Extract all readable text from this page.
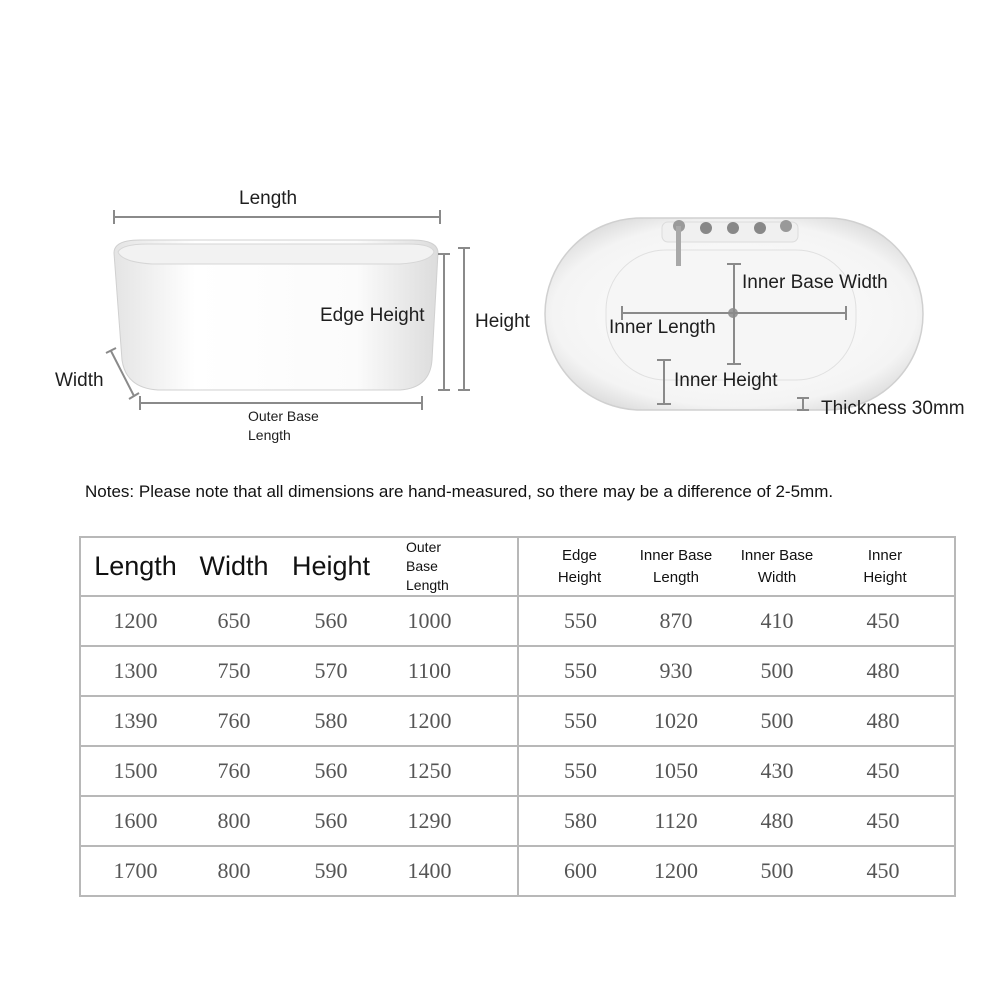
Length
Edge Height	Height
Width
Outer Base Length
Inner Base Width
Inner Length
Inner Height
Thickness 30mm
Notes: Please note that all dimensions are hand-measured, so there may be a difference of 2-5mm.
Length	Width	Height	Outer Base Length	Edge Height	Inner Base Length	Inner Base Width	Inner Height
1200	650	560	1000	550	870	410	450
1300	750	570	1100	550	930	500	480
1390	760	580	1200	550	1020	500	480
1500	760	560	1250	550	1050	430	450
1600	800	560	1290	580	1120	480	450
1700	800	590	1400	600	1200	500	450
